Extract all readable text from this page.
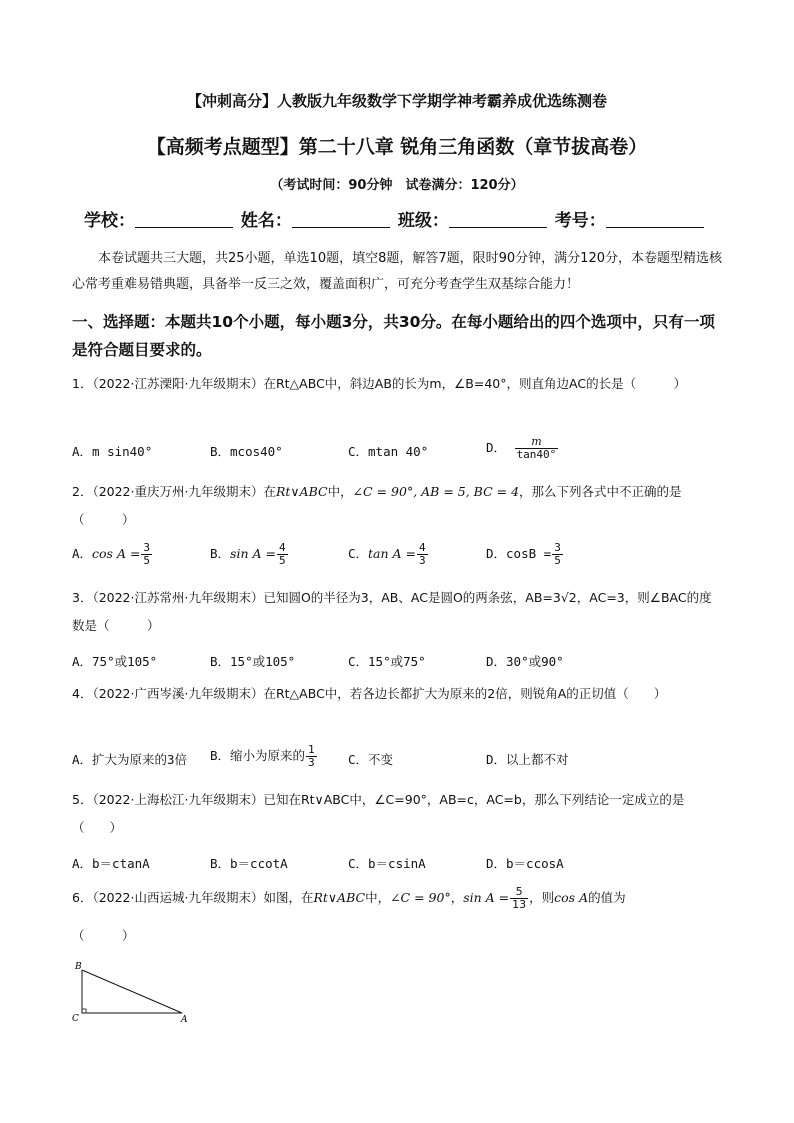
【冲刺高分】人教版九年级数学下学期学神考霸养成优选练测卷
【高频考点题型】第二十八章 锐角三角函数（章节拔高卷）
（考试时间：90分钟　试卷满分：120分）
学校：	姓名：	班级：	考号：
本卷试题共三大题，共25小题，单选10题，填空8题，解答7题，限时90分钟，满分120分，本卷题型精选核心常考重难易错典题，具备举一反三之效，覆盖面积广，可充分考查学生双基综合能力！
一、选择题：本题共10个小题，每小题3分，共30分。在每小题给出的四个选项中，只有一项是符合题目要求的。
1．（2022·江苏溧阳·九年级期末）在Rt△ABC中，斜边AB的长为m，∠B=40°，则直角边AC的长是（　　　）
A．m sin40°	B．mcos40°	C．mtan 40°	D． $\frac{m}{\tan 40^\circ}$
2．（2022·重庆万州·九年级期末）在Rt∨ABC中，∠C = 90°, AB = 5, BC = 4，那么下列各式中不正确的是（　　　）
A．$\cos A = \frac{3}{5}$	B．$\sin A = \frac{4}{5}$	C．$\tan A = \frac{4}{3}$	D．$\cos B = \frac{3}{5}$
3．（2022·江苏常州·九年级期末）已知圆O的半径为3，AB、AC是圆O的两条弦，AB=3√2，AC=3，则∠BAC的度数是（　　　）
A．75°或105°	B．15°或105°	C．15°或75°	D．30°或90°
4．（2022·广西岑溪·九年级期末）在Rt△ABC中，若各边长都扩大为原来的2倍，则锐角A的正切值（　　）
A．扩大为原来的3倍 B．缩小为原来的 $\frac{1}{3}$	C．不变	D．以上都不对
5．（2022·上海松江·九年级期末）已知在Rt∨ABC中，∠C=90°，AB=c，AC=b，那么下列结论一定成立的是（　　）
A．b＝ctanA	B．b＝ccotA	C．b＝csinA	D．b＝ccosA
6．（2022·山西运城·九年级期末）如图，在Rt∨ABC中，∠C = 90°，$\sin A = \frac{5}{13}$ ，则cos A的值为
（　　　）
B
C	A
